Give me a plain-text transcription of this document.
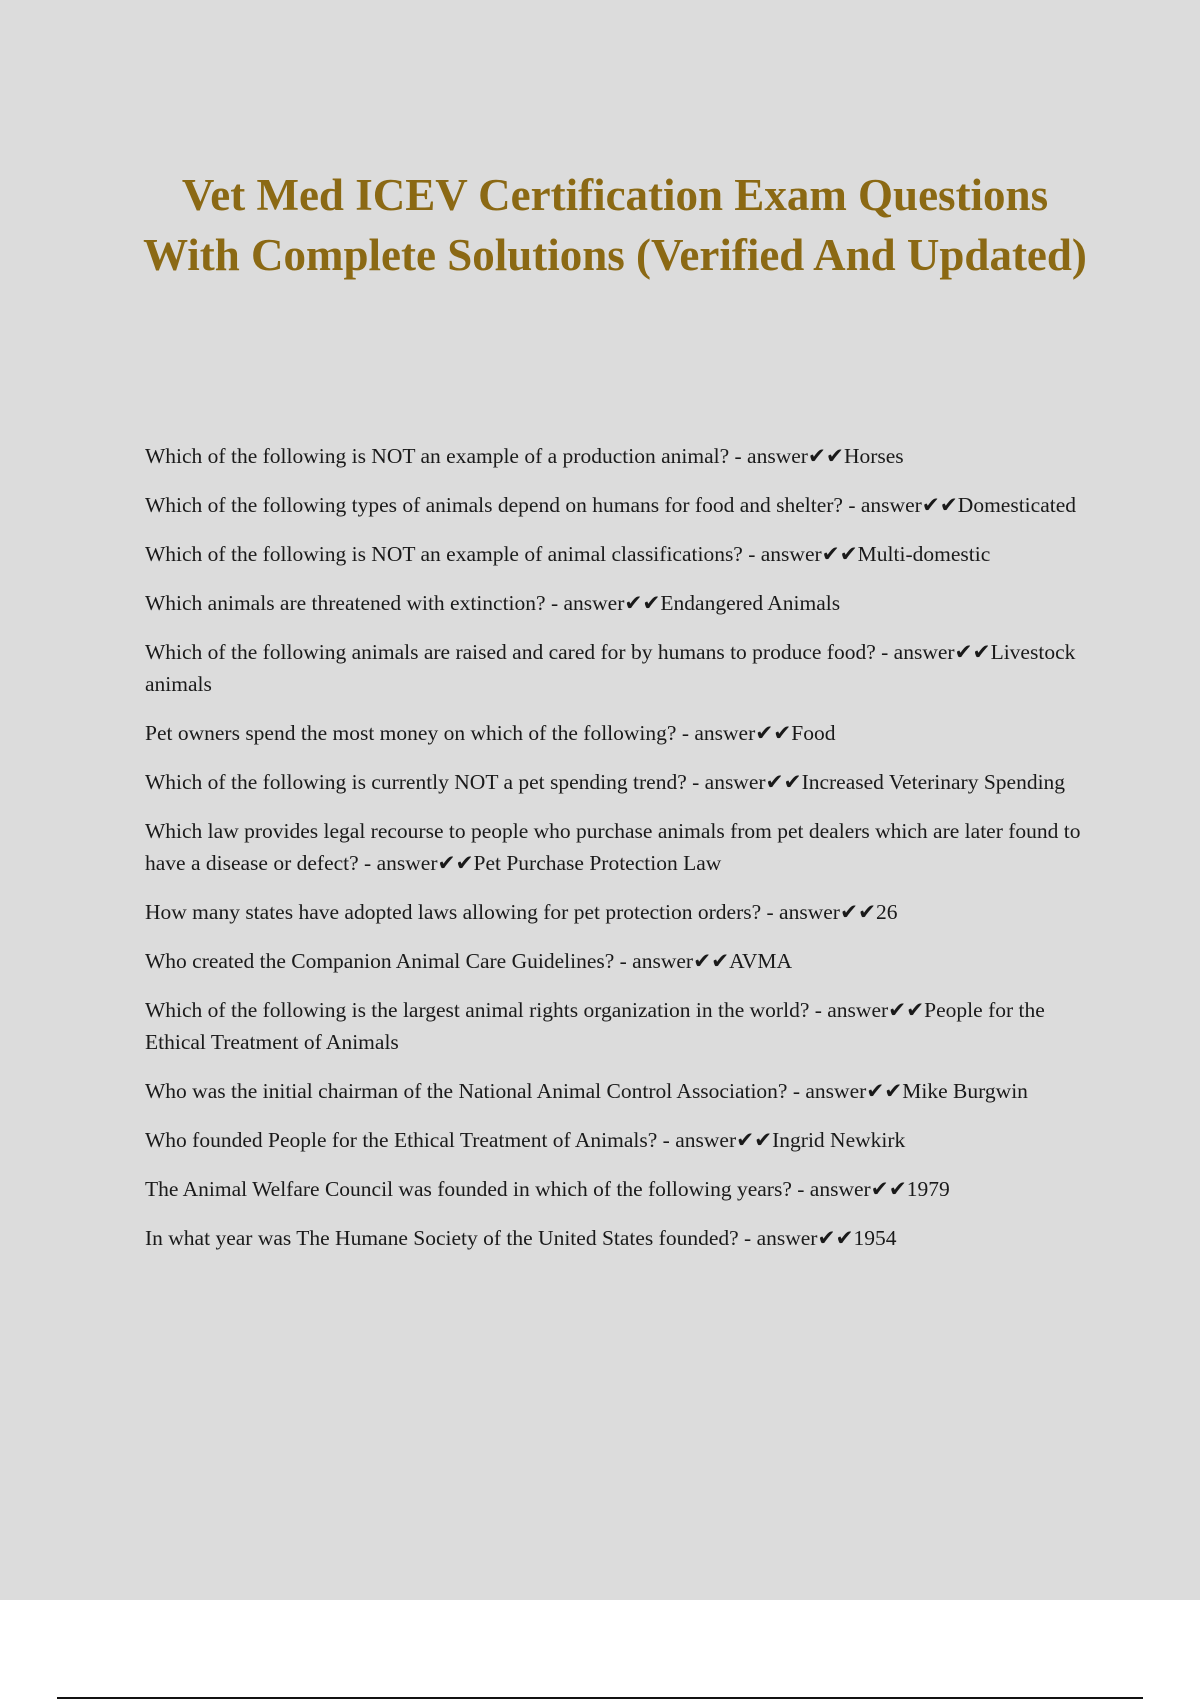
Vet Med ICEV Certification Exam Questions With Complete Solutions (Verified And Updated)
Which of the following is NOT an example of a production animal? - answer✔✔Horses
Which of the following types of animals depend on humans for food and shelter? - answer✔✔Domesticated
Which of the following is NOT an example of animal classifications? - answer✔✔Multi-domestic
Which animals are threatened with extinction? - answer✔✔Endangered Animals
Which of the following animals are raised and cared for by humans to produce food? - answer✔✔Livestock animals
Pet owners spend the most money on which of the following? - answer✔✔Food
Which of the following is currently NOT a pet spending trend? - answer✔✔Increased Veterinary Spending
Which law provides legal recourse to people who purchase animals from pet dealers which are later found to have a disease or defect? - answer✔✔Pet Purchase Protection Law
How many states have adopted laws allowing for pet protection orders? - answer✔✔26
Who created the Companion Animal Care Guidelines? - answer✔✔AVMA
Which of the following is the largest animal rights organization in the world? - answer✔✔People for the Ethical Treatment of Animals
Who was the initial chairman of the National Animal Control Association? - answer✔✔Mike Burgwin
Who founded People for the Ethical Treatment of Animals? - answer✔✔Ingrid Newkirk
The Animal Welfare Council was founded in which of the following years? - answer✔✔1979
In what year was The Humane Society of the United States founded? - answer✔✔1954
